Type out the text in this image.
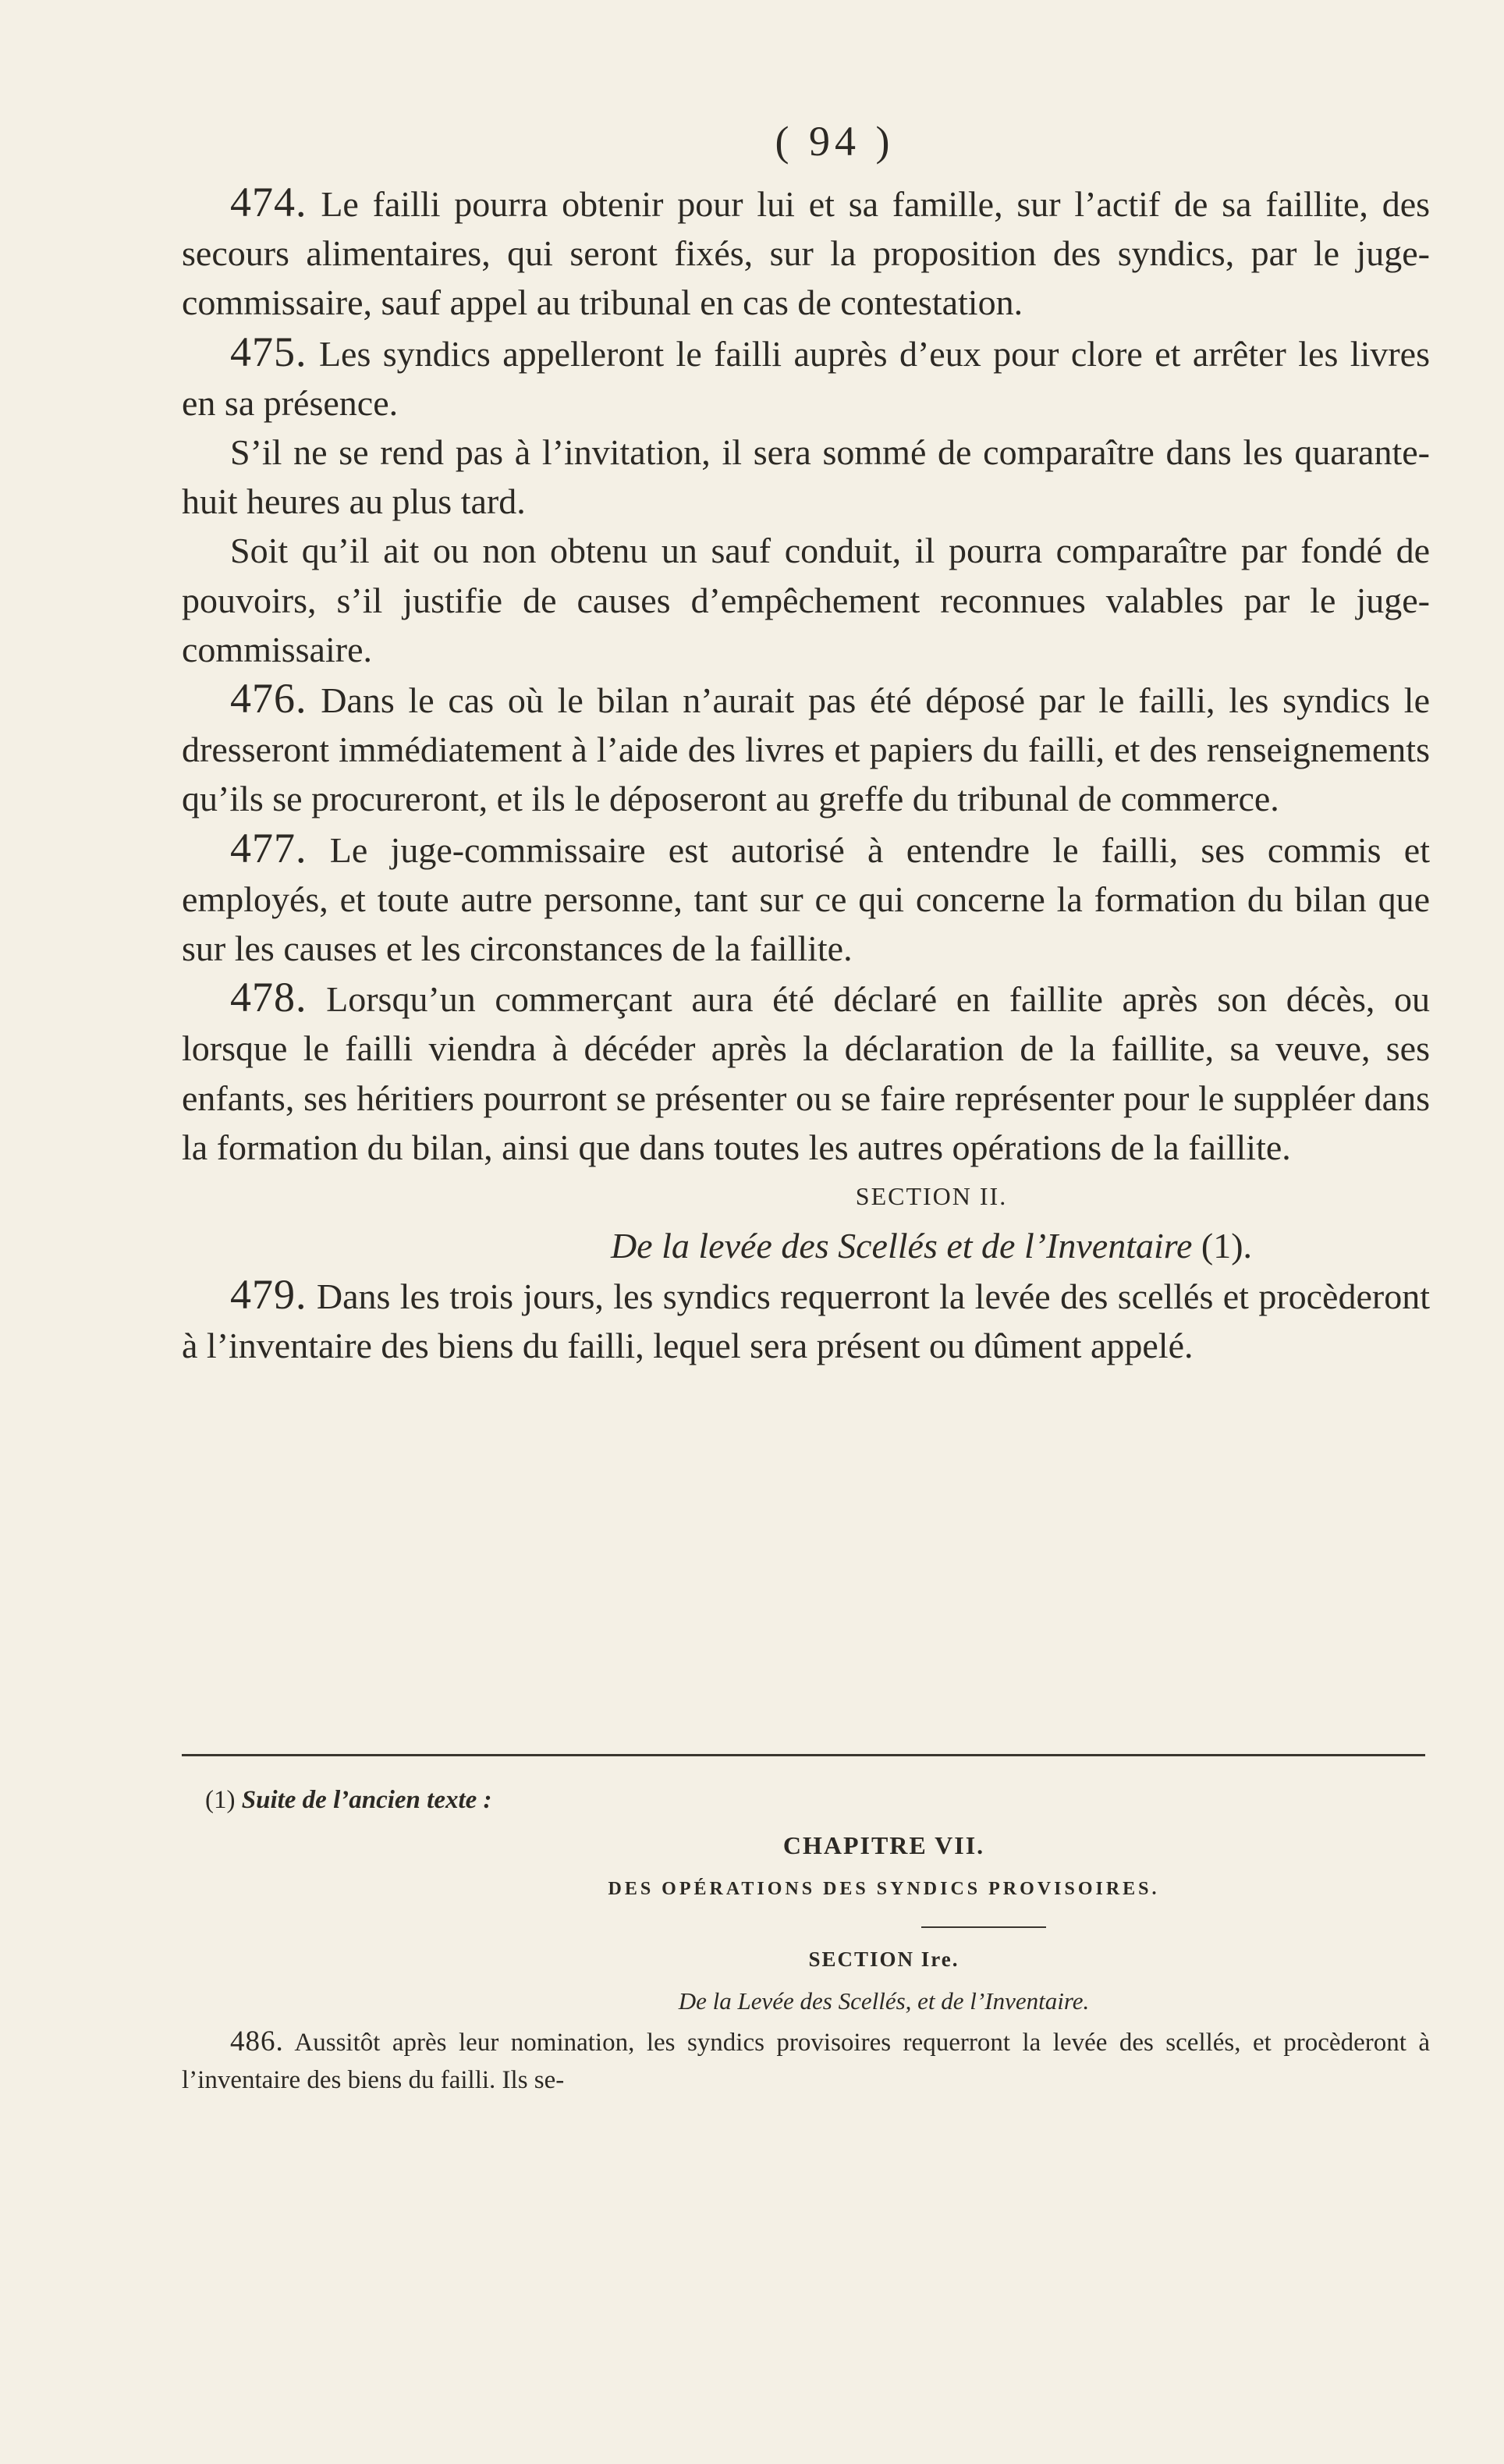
( 94 )

474. Le failli pourra obtenir pour lui et sa famille, sur l’actif de sa faillite, des secours alimentaires, qui seront fixés, sur la proposition des syndics, par le juge-commissaire, sauf appel au tribunal en cas de contestation.

475. Les syndics appelleront le failli auprès d’eux pour clore et arrêter les livres en sa présence.

S’il ne se rend pas à l’invitation, il sera sommé de comparaître dans les quarante-huit heures au plus tard.

Soit qu’il ait ou non obtenu un sauf conduit, il pourra comparaître par fondé de pouvoirs, s’il justifie de causes d’empêchement reconnues valables par le juge-commissaire.

476. Dans le cas où le bilan n’aurait pas été déposé par le failli, les syndics le dresseront immédiatement à l’aide des livres et papiers du failli, et des renseignements qu’ils se procureront, et ils le déposeront au greffe du tribunal de commerce.

477. Le juge-commissaire est autorisé à entendre le failli, ses commis et employés, et toute autre personne, tant sur ce qui concerne la formation du bilan que sur les causes et les circonstances de la faillite.

478. Lorsqu’un commerçant aura été déclaré en faillite après son décès, ou lorsque le failli viendra à décéder après la déclaration de la faillite, sa veuve, ses enfants, ses héritiers pourront se présenter ou se faire représenter pour le suppléer dans la formation du bilan, ainsi que dans toutes les autres opérations de la faillite.

SECTION II.

De la levée des Scellés et de l’Inventaire (1).

479. Dans les trois jours, les syndics requerront la levée des scellés et procèderont à l’inventaire des biens du failli, lequel sera présent ou dûment appelé.

(1) Suite de l’ancien texte :

CHAPITRE VII.

DES OPÉRATIONS DES SYNDICS PROVISOIRES.

SECTION Ire.

De la Levée des Scellés, et de l’Inventaire.

486. Aussitôt après leur nomination, les syndics provisoires requerront la levée des scellés, et procèderont à l’inventaire des biens du failli. Ils se-
